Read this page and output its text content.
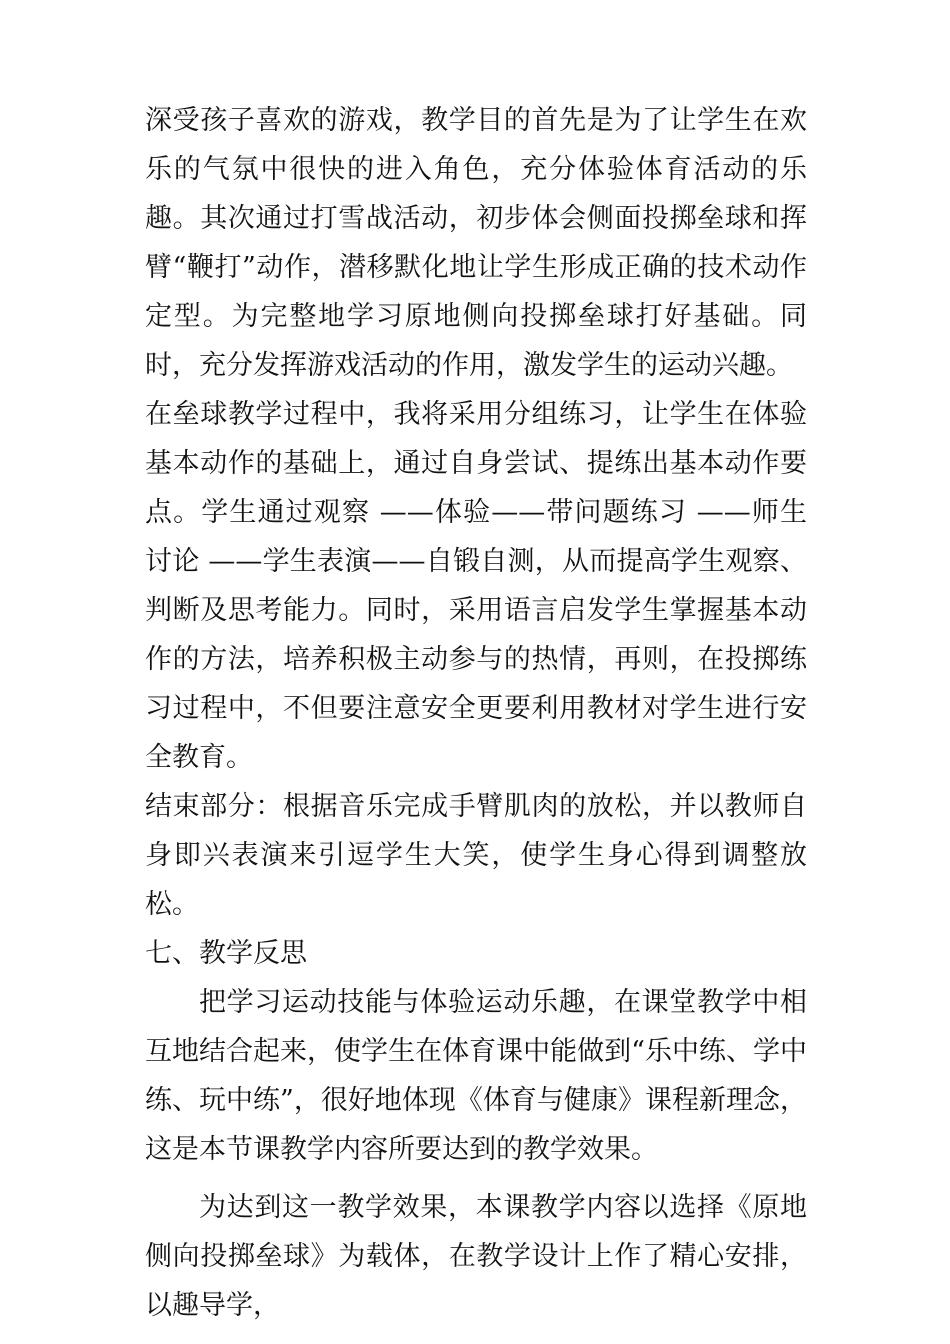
深受孩子喜欢的游戏，教学目的首先是为了让学生在欢乐的气氛中很快的进入角色，充分体验体育活动的乐趣。其次通过打雪战活动，初步体会侧面投掷垒球和挥臂“鞭打”动作，潜移默化地让学生形成正确的技术动作定型。为完整地学习原地侧向投掷垒球打好基础。同时，充分发挥游戏活动的作用，激发学生的运动兴趣。

在垒球教学过程中，我将采用分组练习，让学生在体验基本动作的基础上，通过自身尝试、提练出基本动作要点。学生通过观察 ——体验——带问题练习 ——师生讨论 ——学生表演——自锻自测，从而提高学生观察、判断及思考能力。同时，采用语言启发学生掌握基本动作的方法，培养积极主动参与的热情，再则，在投掷练习过程中，不但要注意安全更要利用教材对学生进行安全教育。

结束部分：根据音乐完成手臂肌肉的放松，并以教师自身即兴表演来引逗学生大笑，使学生身心得到调整放松。

七、教学反思

把学习运动技能与体验运动乐趣，在课堂教学中相互地结合起来，使学生在体育课中能做到“乐中练、学中练、玩中练”，很好地体现《体育与健康》课程新理念，这是本节课教学内容所要达到的教学效果。

为达到这一教学效果，本课教学内容以选择《原地侧向投掷垒球》为载体，在教学设计上作了精心安排，以趣导学，
